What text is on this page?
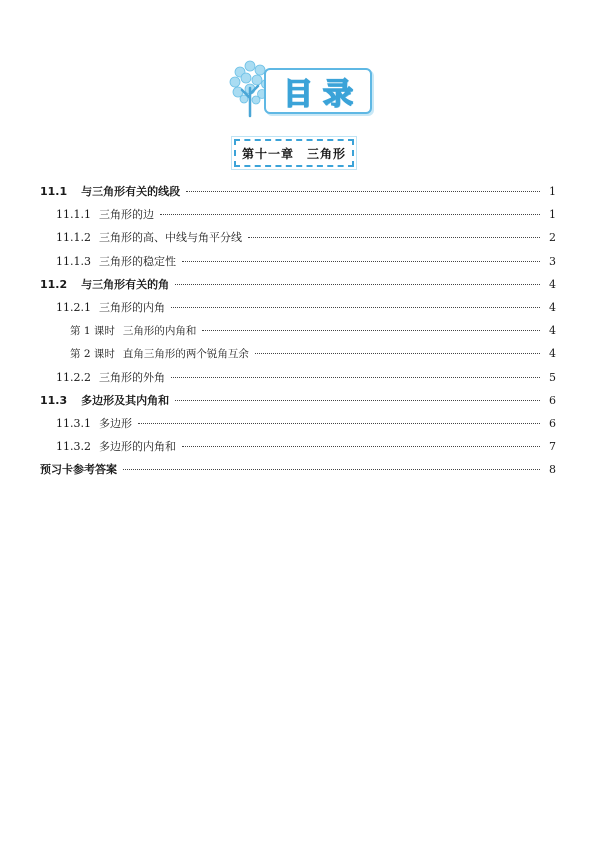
目录
第十一章　三角形
11.1 与三角形有关的线段	1
11.1.1 三角形的边	1
11.1.2 三角形的高、中线与角平分线	2
11.1.3 三角形的稳定性	3
11.2 与三角形有关的角	4
11.2.1 三角形的内角	4
第 1 课时 三角形的内角和	4
第 2 课时 直角三角形的两个锐角互余	4
11.2.2 三角形的外角	5
11.3 多边形及其内角和	6
11.3.1 多边形	6
11.3.2 多边形的内角和	7
预习卡参考答案	8
